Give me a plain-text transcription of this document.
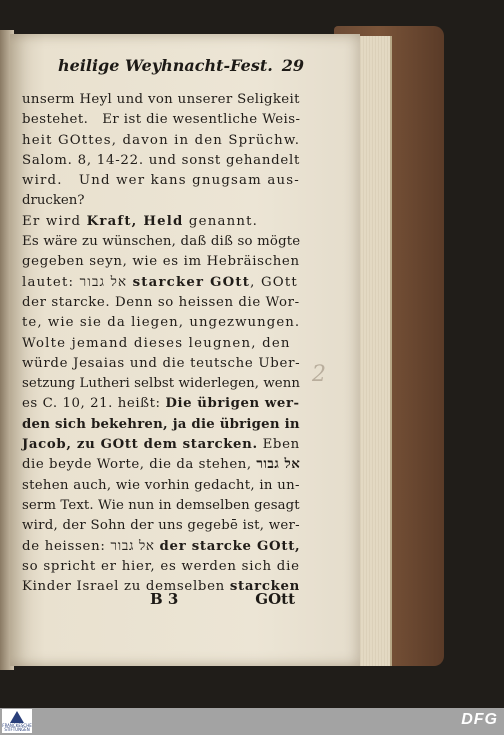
heilige Weyhnacht-Fest. 29
unserm Heyl und von unserer Seligkeit
bestehet.   Er ist die wesentliche Weis-
heit GOttes, davon in den Sprüchw.
Salom. 8, 14-22. und sonst gehandelt
wird.   Und wer kans gnugsam aus-
drucken?
Er wird Kraft, Held genannt.
Es wäre zu wünschen, daß diß so mögte
gegeben seyn, wie es im Hebräischen
lautet: אל גבור starcker GOtt, GOtt
der starcke. Denn so heissen die Wor-
te, wie sie da liegen, ungezwungen.
Wolte jemand dieses leugnen, den
würde Jesaias und die teutsche Uber-
setzung Lutheri selbst widerlegen, wenn
es C. 10, 21. heißt: Die übrigen wer-
den sich bekehren, ja die übrigen in
Jacob, zu GOtt dem starcken. Eben
die beyde Worte, die da stehen, אל גבור
stehen auch, wie vorhin gedacht, in un-
serm Text. Wie nun in demselben gesagt
wird, der Sohn der uns gegebē ist, wer-
de heissen: אל גבור der starcke GOtt,
so spricht er hier, es werden sich die
Kinder Israel zu demselben starcken
2
B 3	GOtt
FRANCKESCHE
STIFTUNGEN
DFG
